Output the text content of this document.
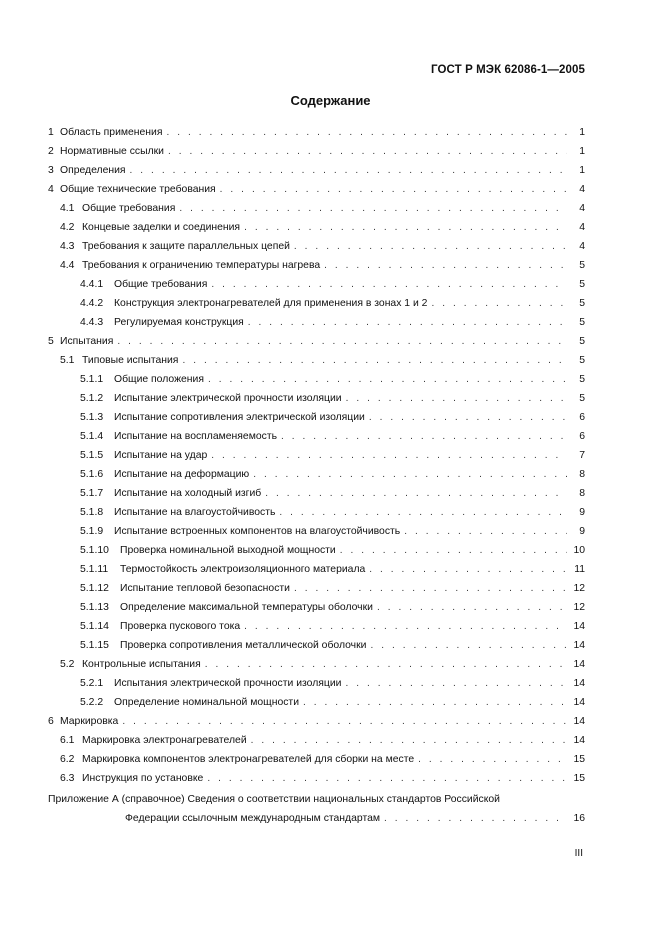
ГОСТ Р МЭК 62086-1—2005
Содержание
1 Область применения . . .	1
2 Нормативные ссылки . . .	1
3 Определения . . .	1
4 Общие технические требования . . .	4
4.1 Общие требования . . .	4
4.2 Концевые заделки и соединения . . .	4
4.3 Требования к защите параллельных цепей . . .	4
4.4 Требования к ограничению температуры нагрева . . .	5
4.4.1	Общие требования . . .	5
4.4.2	Конструкция электронагревателей для применения в зонах 1 и 2 . . .	5
4.4.3	Регулируемая конструкция . . .	5
5 Испытания . . .	5
5.1 Типовые испытания . . .	5
5.1.1	Общие положения . . .	5
5.1.2	Испытание электрической прочности изоляции . . .	5
5.1.3	Испытание сопротивления электрической изоляции . . .	6
5.1.4	Испытание на воспламеняемость . . .	6
5.1.5	Испытание на удар . . .	7
5.1.6	Испытание на деформацию . . .	8
5.1.7	Испытание на холодный изгиб . . .	8
5.1.8	Испытание на влагоустойчивость . . .	9
5.1.9	Испытание встроенных компонентов на влагоустойчивость . . .	9
5.1.10	Проверка номинальной выходной мощности . . .	10
5.1.11	Термостойкость электроизоляционного материала . . .	11
5.1.12	Испытание тепловой безопасности . . .	12
5.1.13	Определение максимальной температуры оболочки . . .	12
5.1.14	Проверка пускового тока . . .	14
5.1.15	Проверка сопротивления металлической оболочки . . .	14
5.2 Контрольные испытания . . .	14
5.2.1	Испытания электрической прочности изоляции . . .	14
5.2.2	Определение номинальной мощности . . .	14
6 Маркировка . . .	14
6.1 Маркировка электронагревателей . . .	14
6.2 Маркировка компонентов электронагревателей для сборки на месте . . .	15
6.3 Инструкция по установке . . .	15
Приложение А (справочное) Сведения о соответствии национальных стандартов Российской
Федерации ссылочным международным стандартам . . .	16
III
